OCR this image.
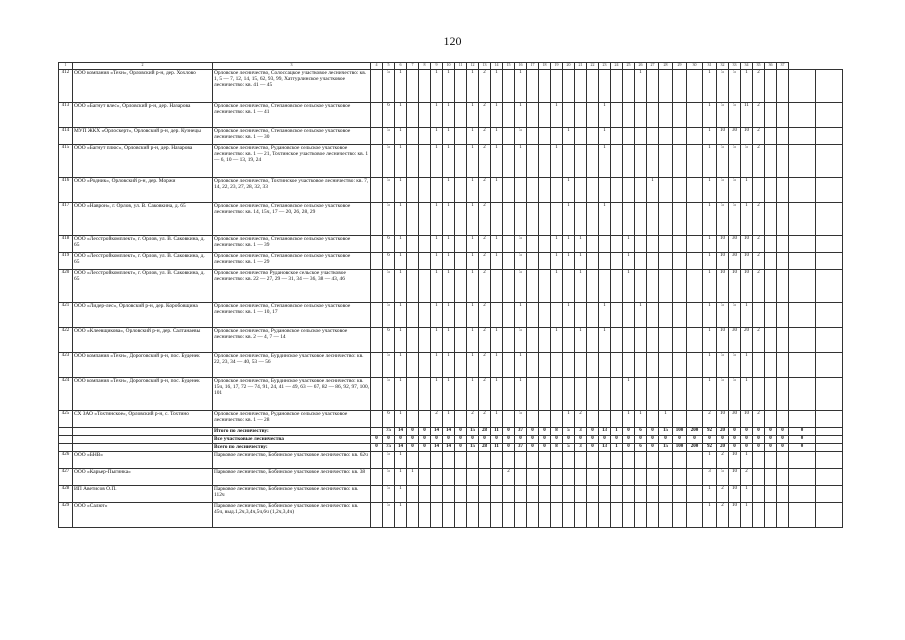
120
1	2	3	4	5	6	7	8	9	10	11	12	13	14	15	16	17	18	19	20	21	22	23	24	25	26	27	28	29	30	31	32	33	34	35	36	37		
412	ООО компания «Техн», Орловский р-н, дер. Хохлово	Орловское лесничество, Солоссацкое участковое лесничество: кв. 1, 5 — 7, 12, 14, 15, 62, 93, 99, Хатгурлинское участковое лесничество: кв. 41 — 45		5	1			1	1		1	2	1		1										1					1	5	5	1	2				
413	ООО «Багнут влес», Орловский р-н, дер. Назарова	Орловское лесничество, Степановское сельское участковое лесничество: кв. 1 — 41		6	1			1	1		1	2	1		1			1				1								1	5	5	11	2				
414	МУП ЖКХ «Орлоскерт», Орловский р-н, дер. Кузнецы	Орловское лесничество, Степановское сельское участковое лесничество: кв. 1 — 30		5	1			1	1		1	2	1		5				1			1								1	10	30	10	2				
415	ООО «Багнут плюс», Орловский р-н, дер. Назарова	Орловское лесничество, Рудановское сельское участковое лесничество: кв. 1 — 21, Тохтинское участковое лесничество: кв. 1 — 6, 10 — 13, 19, 24		5	1			1	1		1	2	1		1			1				1								1	5	5	5	2				
416	ООО «Родник», Орловский р-н, дер. Моржи	Орловское лесничество, Тохтинское участковое лесничество: кв. 7, 14, 22, 23, 27, 28, 32, 33		5	1				1		1	2	1						1							1				1	5	5	1					
417	ООО «Наврон», г. Орлов, ул. В. Саковкина, д. 65	Орловское лесничество, Степановское сельское участковое лесничество: кв. 14, 15ч, 17 — 20, 26, 28, 29		5	1			1	1		1	2							1			1								1	5	5	1	2				
418	ООО «Лесстройкомплект», г. Орлов, ул. В. Саковкина, д. 65	Орловское лесничество, Степановское сельское участковое лесничество: кв. 1 — 39		6	1			1	1		1	2	1		5			1	1	1				1						1	10	30	10	2				
419	ООО «Лесстройкомплект», г. Орлов, ул. В. Саковкина, д. 65	Орловское лесничество, Степановское сельское участковое лесничество: кв. 1 — 29		6	1			1	1		1	2	1		5			1	1	1				1						1	10	30	10	2				
420	ООО «Лесстройкомплект», г. Орлов, ул. В. Саковкина, д. 65	Орловское лесничество Рудановское сельское участковое лесничество: кв. 22 — 27, 29 — 31, 34 — 36, 38 — 43, 46		5	1			1	1		1	2			5			1		1				1						1	10	10	10	2				
421	ООО «Лидер-лес», Орловский р-н, дер. Коробовщина	Орловское лесничество, Степановское сельское участковое лесничество: кв. 1 — 10, 17		5	1			1	1		1	2			1				1			1			1					1	5	5	1					
422	ООО «Клеевщикова», Орловский р-н, дер. Салтанаевы	Орловское лесничество, Рудановское сельское участковое лесничество: кв. 2 — 4, 7 — 14		6	1			1	1		1	2	1		5			1		1		1								1	10	30	20	2				
423	ООО компания «Техн», Дороговский р-н, пос. Буденек	Орловское лесничество, Бурдинское участковое лесничество: кв. 22, 23, 34 — 40, 53 — 56		5	1			1	1		1	2	1		1															1	5	5	1					
424	ООО компания «Техн», Дороговский р-н, пос. Буденек	Орловское лесничество, Бурдинское участковое лесничество: кв. 15ч, 16, 17, 72 — 74, 91, 24, 41 — 49, 63 — 67, 82 — 86, 92, 97, 100, 101		5	1			1	1		1	2	1		1									1						1	5	5	1					
425	СХ ЗАО «Тохтинское», Орловский р-н, с. Тохтино	Орловское лесничество, Рудановское сельское участковое лесничество: кв. 1 — 28		6	1			2	1		2	2	1		5				1	2				1	1		1			2	10	30	10	2				
		Итого по лесничеству:		75	14	0	0	14	14	0	15	28	11	0	37	0	0	8	5	3	0	13	1	0	6	0	15	100	200	92	20	0	0	0	0	0	0	
		Все участковые лесничества	0	0	0	0	0	0	0	0	0	0	0	0	0	0	0	0	0	0	0	0	0	0	0	0	0	0	0	0	0	0	0	0	0	0	0	
		Всего по лесничеству:	0	75	14	0	0	14	14	0	15	28	11	0	37	0	0	8	5	3	0	13	1	0	6	0	15	100	200	92	20	0	0	0	0	0	0	
426	ООО «БНВ»	Парковое лесничество, Бобинское участковое лесничество: кв. 62ч		5	1																									1	2	10	1					
427	ООО «Карьер-Пыгинка»	Парковое лесничество, Бобинское участковое лесничество: кв. 38		5	1	1								2																3	5	10	2					
428	ИП Аветисов О.П.	Парковое лесничество, Бобинское участковое лесничество: кв. 112ч		5	1																									1	2	10	1					
429	ООО «Салют»	Парковое лесничество, Бобинское участковое лесничество: кв. 45ч, выд.1,2ч,3,4ч,5ч,6ч (1,2ч,3,4ч)		5	1																									1	2	10	1					
